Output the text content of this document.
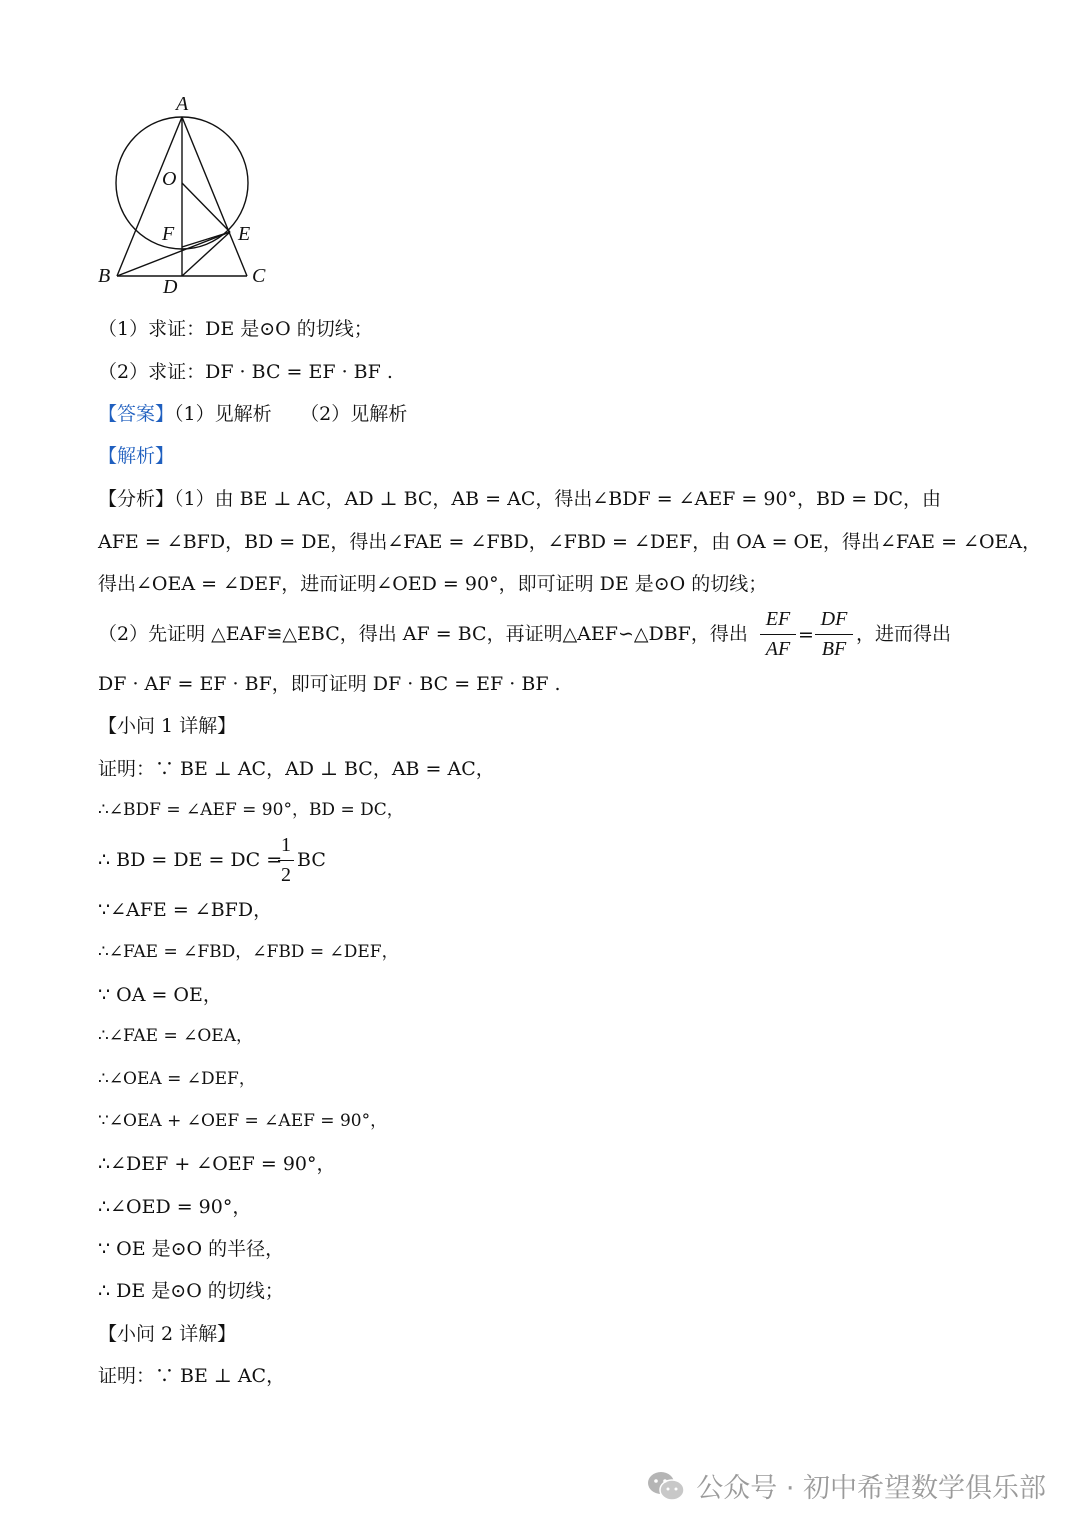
A
O
F	E
B	D	C
（1）求证：DE 是⊙O 的切线；
（2）求证：DF · BC = EF · BF .
【答案】（1）见解析　　（2）见解析
【解析】
【分析】（1）由 BE ⊥ AC，AD ⊥ BC，AB = AC，得出∠BDF = ∠AEF = 90°，BD = DC，由
AFE = ∠BFD，BD = DE，得出∠FAE = ∠FBD，∠FBD = ∠DEF，由 OA = OE，得出∠FAE = ∠OEA，
得出∠OEA = ∠DEF，进而证明∠OED = 90°，即可证明 DE 是⊙O 的切线；
（2）先证明 △EAF≌△EBC，得出 AF = BC，再证明△AEF∽△DBF，得出
EF
AF
=
DF
BF
，进而得出
DF · AF = EF · BF，即可证明 DF · BC = EF · BF .
【小问 1 详解】
证明：∵ BE ⊥ AC，AD ⊥ BC，AB = AC，
∴∠BDF = ∠AEF = 90°，BD = DC，
∴ BD = DE = DC =
1
2
BC
∵∠AFE = ∠BFD，
∴∠FAE = ∠FBD，∠FBD = ∠DEF，
∵ OA = OE，
∴∠FAE = ∠OEA，
∴∠OEA = ∠DEF，
∵∠OEA + ∠OEF = ∠AEF = 90°，
∴∠DEF + ∠OEF = 90°，
∴∠OED = 90°，
∵ OE 是⊙O 的半径，
∴ DE 是⊙O 的切线；
【小问 2 详解】
证明：∵ BE ⊥ AC，
公众号 · 初中希望数学俱乐部
